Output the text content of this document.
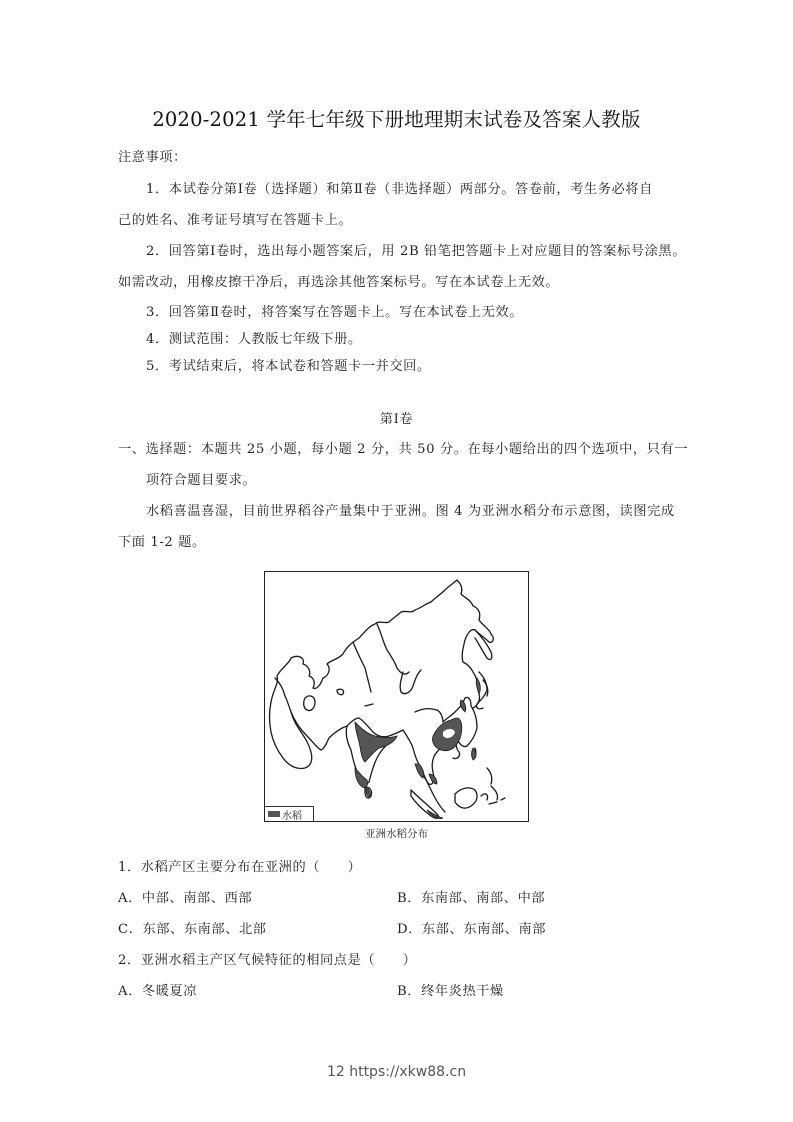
2020-2021 学年七年级下册地理期末试卷及答案人教版
注意事项：
1．本试卷分第Ⅰ卷（选择题）和第Ⅱ卷（非选择题）两部分。答卷前，考生务必将自
己的姓名、准考证号填写在答题卡上。
2．回答第Ⅰ卷时，选出每小题答案后，用 2B 铅笔把答题卡上对应题目的答案标号涂黑。
如需改动，用橡皮擦干净后，再选涂其他答案标号。写在本试卷上无效。
3．回答第Ⅱ卷时，将答案写在答题卡上。写在本试卷上无效。
4．测试范围：人教版七年级下册。
5．考试结束后，将本试卷和答题卡一并交回。
第Ⅰ卷
一、选择题：本题共 25 小题，每小题 2 分，共 50 分。在每小题给出的四个选项中，只有一
项符合题目要求。
水稻喜温喜湿，目前世界稻谷产量集中于亚洲。图 4 为亚洲水稻分布示意图，读图完成
下面 1-2 题。
水稻
亚洲水稻分布
1．水稻产区主要分布在亚洲的（　　）
A．中部、南部、西部	B．东南部、南部、中部
C．东部、东南部、北部	D．东部、东南部、南部
2．亚洲水稻主产区气候特征的相同点是（　　）
A．冬暖夏凉	B．终年炎热干燥
12 https://xkw88.cn
